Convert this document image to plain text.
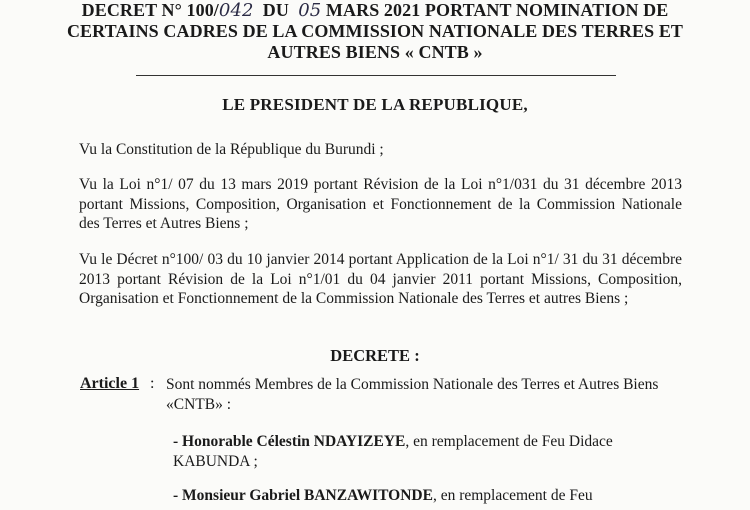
DECRET N° 100/042 DU 05 MARS 2021 PORTANT NOMINATION DE
CERTAINS CADRES DE LA COMMISSION NATIONALE DES TERRES ET
AUTRES BIENS « CNTB »
LE PRESIDENT DE LA REPUBLIQUE,
Vu la Constitution de la République du Burundi ;
Vu la Loi n°1/ 07 du 13 mars 2019 portant Révision de la Loi n°1/031 du 31 décembre 2013 portant Missions, Composition, Organisation et Fonctionnement de la Commission Nationale des Terres et Autres Biens ;
Vu le Décret n°100/ 03 du 10 janvier 2014 portant Application de la Loi n°1/ 31 du 31 décembre 2013 portant Révision de la Loi n°1/01 du 04 janvier 2011 portant Missions, Composition, Organisation et Fonctionnement de la Commission Nationale des Terres et autres Biens ;
DECRETE :
Article 1 : Sont nommés Membres de la Commission Nationale des Terres et Autres Biens «CNTB» :
- Honorable Célestin NDAYIZEYE, en remplacement de Feu Didace KABUNDA ;
- Monsieur Gabriel BANZAWITONDE, en remplacement de Feu
